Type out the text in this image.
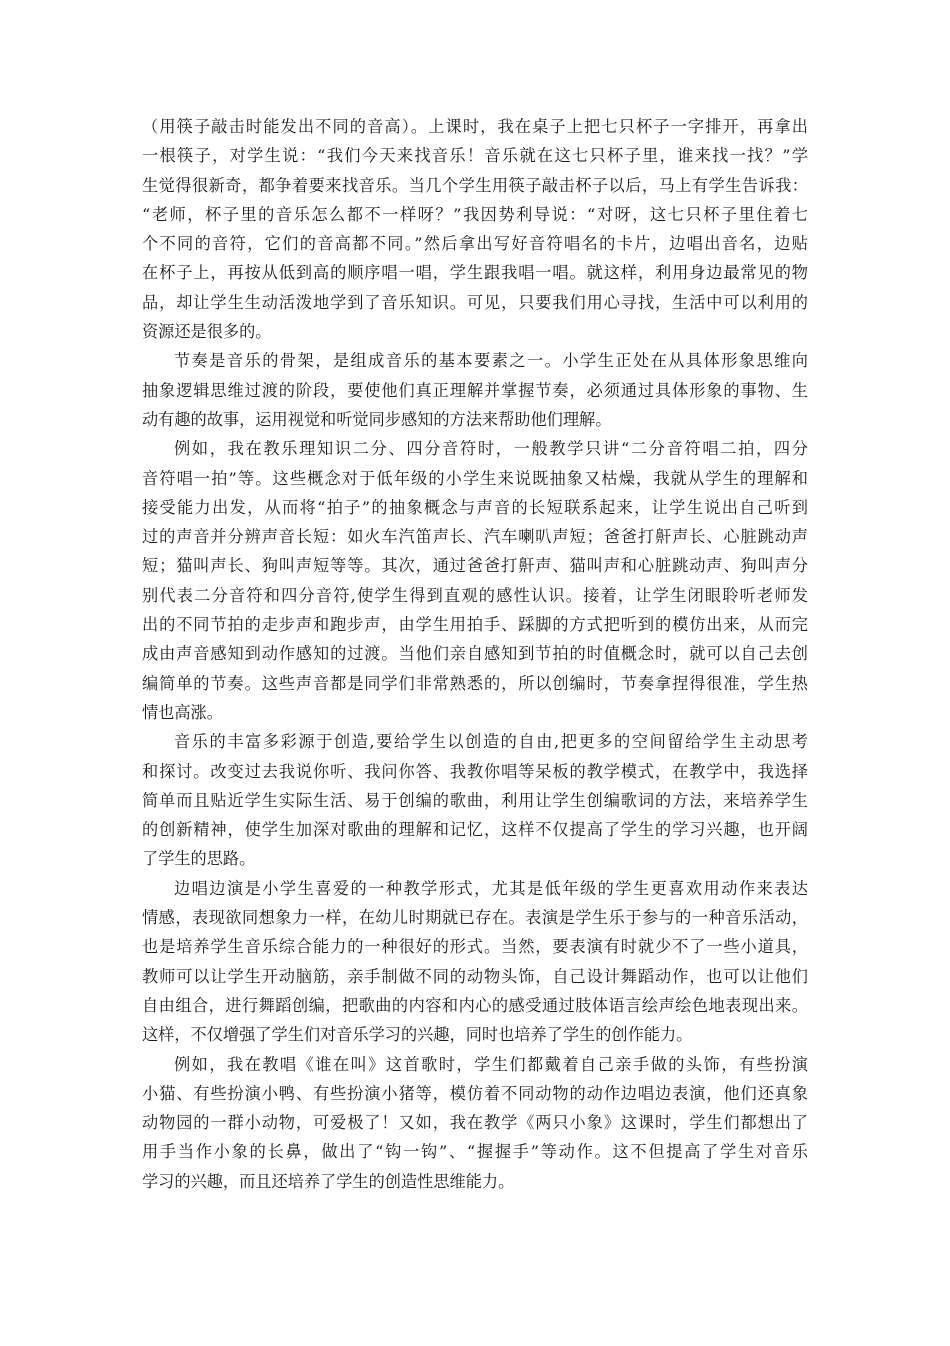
（用筷子敲击时能发出不同的音高）。上课时，我在桌子上把七只杯子一字排开，再拿出
一根筷子，对学生说：“我们今天来找音乐！音乐就在这七只杯子里，谁来找一找？”学
生觉得很新奇，都争着要来找音乐。当几个学生用筷子敲击杯子以后，马上有学生告诉我：
“老师，杯子里的音乐怎么都不一样呀？”我因势利导说：“对呀，这七只杯子里住着七
个不同的音符，它们的音高都不同。”然后拿出写好音符唱名的卡片，边唱出音名，边贴
在杯子上，再按从低到高的顺序唱一唱，学生跟我唱一唱。就这样，利用身边最常见的物
品，却让学生生动活泼地学到了音乐知识。可见，只要我们用心寻找，生活中可以利用的
资源还是很多的。

节奏是音乐的骨架，是组成音乐的基本要素之一。小学生正处在从具体形象思维向
抽象逻辑思维过渡的阶段，要使他们真正理解并掌握节奏，必须通过具体形象的事物、生
动有趣的故事，运用视觉和听觉同步感知的方法来帮助他们理解。

例如，我在教乐理知识二分、四分音符时，一般教学只讲“二分音符唱二拍，四分
音符唱一拍”等。这些概念对于低年级的小学生来说既抽象又枯燥，我就从学生的理解和
接受能力出发，从而将“拍子”的抽象概念与声音的长短联系起来，让学生说出自己听到
过的声音并分辨声音长短：如火车汽笛声长、汽车喇叭声短；爸爸打鼾声长、心脏跳动声
短；猫叫声长、狗叫声短等等。其次，通过爸爸打鼾声、猫叫声和心脏跳动声、狗叫声分
别代表二分音符和四分音符,使学生得到直观的感性认识。接着，让学生闭眼聆听老师发
出的不同节拍的走步声和跑步声，由学生用拍手、踩脚的方式把听到的模仿出来，从而完
成由声音感知到动作感知的过渡。当他们亲自感知到节拍的时值概念时，就可以自己去创
编简单的节奏。这些声音都是同学们非常熟悉的，所以创编时，节奏拿捏得很准，学生热
情也高涨。

音乐的丰富多彩源于创造,要给学生以创造的自由,把更多的空间留给学生主动思考
和探讨。改变过去我说你听、我问你答、我教你唱等呆板的教学模式，在教学中，我选择
简单而且贴近学生实际生活、易于创编的歌曲，利用让学生创编歌词的方法，来培养学生
的创新精神，使学生加深对歌曲的理解和记忆，这样不仅提高了学生的学习兴趣，也开阔
了学生的思路。

边唱边演是小学生喜爱的一种教学形式，尤其是低年级的学生更喜欢用动作来表达
情感，表现欲同想象力一样，在幼儿时期就已存在。表演是学生乐于参与的一种音乐活动，
也是培养学生音乐综合能力的一种很好的形式。当然，要表演有时就少不了一些小道具，
教师可以让学生开动脑筋，亲手制做不同的动物头饰，自己设计舞蹈动作，也可以让他们
自由组合，进行舞蹈创编，把歌曲的内容和内心的感受通过肢体语言绘声绘色地表现出来。
这样，不仅增强了学生们对音乐学习的兴趣，同时也培养了学生的创作能力。

例如，我在教唱《谁在叫》这首歌时，学生们都戴着自己亲手做的头饰，有些扮演
小猫、有些扮演小鸭、有些扮演小猪等，模仿着不同动物的动作边唱边表演，他们还真象
动物园的一群小动物，可爱极了！又如，我在教学《两只小象》这课时，学生们都想出了
用手当作小象的长鼻，做出了“钩一钩”、“握握手”等动作。这不但提高了学生对音乐
学习的兴趣，而且还培养了学生的创造性思维能力。
